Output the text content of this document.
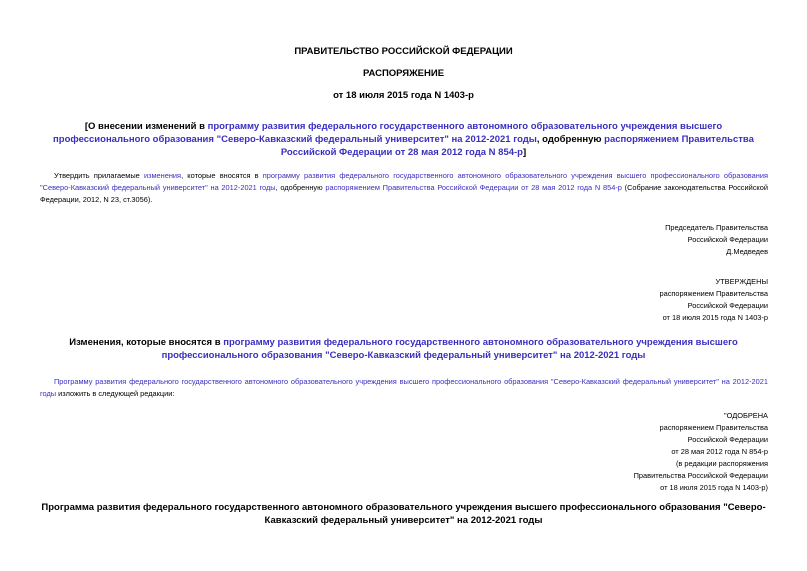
ПРАВИТЕЛЬСТВО РОССИЙСКОЙ ФЕДЕРАЦИИ
РАСПОРЯЖЕНИЕ
от 18 июля 2015 года N 1403-р
[О внесении изменений в программу развития федерального государственного автономного образовательного учреждения высшего профессионального образования "Северо-Кавказский федеральный университет" на 2012-2021 годы, одобренную распоряжением Правительства Российской Федерации от 28 мая 2012 года N 854-р]
Утвердить прилагаемые изменения, которые вносятся в программу развития федерального государственного автономного образовательного учреждения высшего профессионального образования "Северо-Кавказский федеральный университет" на 2012-2021 годы, одобренную распоряжением Правительства Российской Федерации от 28 мая 2012 года N 854-р (Собрание законодательства Российской Федерации, 2012, N 23, ст.3056).
Председатель Правительства
Российской Федерации
Д.Медведев
УТВЕРЖДЕНЫ
распоряжением Правительства
Российской Федерации
от 18 июля 2015 года N 1403-р
Изменения, которые вносятся в программу развития федерального государственного автономного образовательного учреждения высшего профессионального образования "Северо-Кавказский федеральный университет" на 2012-2021 годы
Программу развития федерального государственного автономного образовательного учреждения высшего профессионального образования "Северо-Кавказский федеральный университет" на 2012-2021 годы изложить в следующей редакции:
"ОДОБРЕНА
распоряжением Правительства
Российской Федерации
от 28 мая 2012 года N 854-р
(в редакции распоряжения
Правительства Российской Федерации
от 18 июля 2015 года N 1403-р)
Программа развития федерального государственного автономного образовательного учреждения высшего профессионального образования "Северо-Кавказский федеральный университет" на 2012-2021 годы
